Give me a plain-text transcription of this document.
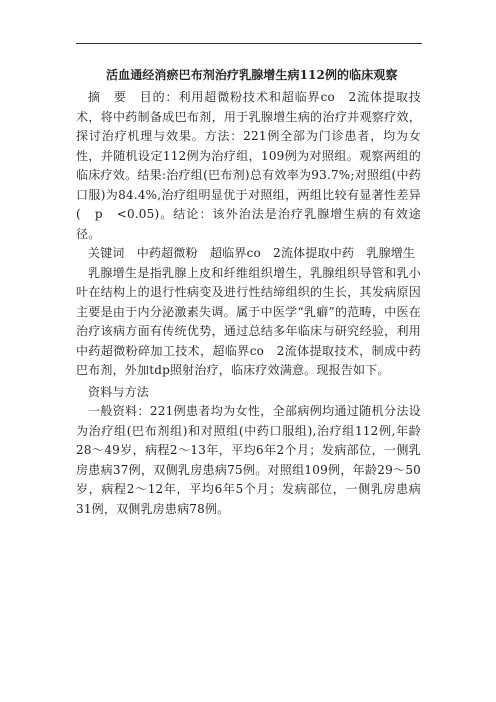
活血通经消瘀巴布剂治疗乳腺增生病112例的临床观察

摘　要　目的：利用超微粉技术和超临界co　2流体提取技术，将中药制备成巴布剂，用于乳腺增生病的治疗并观察疗效，探讨治疗机理与效果。方法：221例全部为门诊患者，均为女性，并随机设定112例为治疗组，109例为对照组。观察两组的临床疗效。结果:治疗组(巴布剂)总有效率为93.7%;对照组(中药口服)为84.4%,治疗组明显优于对照组，两组比较有显著性差异(　p　<0.05)。结论：该外治法是治疗乳腺增生病的有效途径。

关键词　中药超微粉　超临界co　2流体提取中药　乳腺增生

乳腺增生是指乳腺上皮和纤维组织增生，乳腺组织导管和乳小叶在结构上的退行性病变及进行性结缔组织的生长，其发病原因主要是由于内分泌激素失调。属于中医学“乳癖”的范畴，中医在治疗该病方面有传统优势，通过总结多年临床与研究经验，利用中药超微粉碎加工技术，超临界co　2流体提取技术，制成中药巴布剂，外加tdp照射治疗，临床疗效满意。现报告如下。

资料与方法

一般资料：221例患者均为女性，全部病例均通过随机分法设为治疗组(巴布剂组)和对照组(中药口服组),治疗组112例,年龄28～49岁，病程2～13年，平均6年2个月；发病部位，一侧乳房患病37例，双侧乳房患病75例。对照组109例，年龄29～50岁，病程2～12年，平均6年5个月；发病部位，一侧乳房患病31例，双侧乳房患病78例。
